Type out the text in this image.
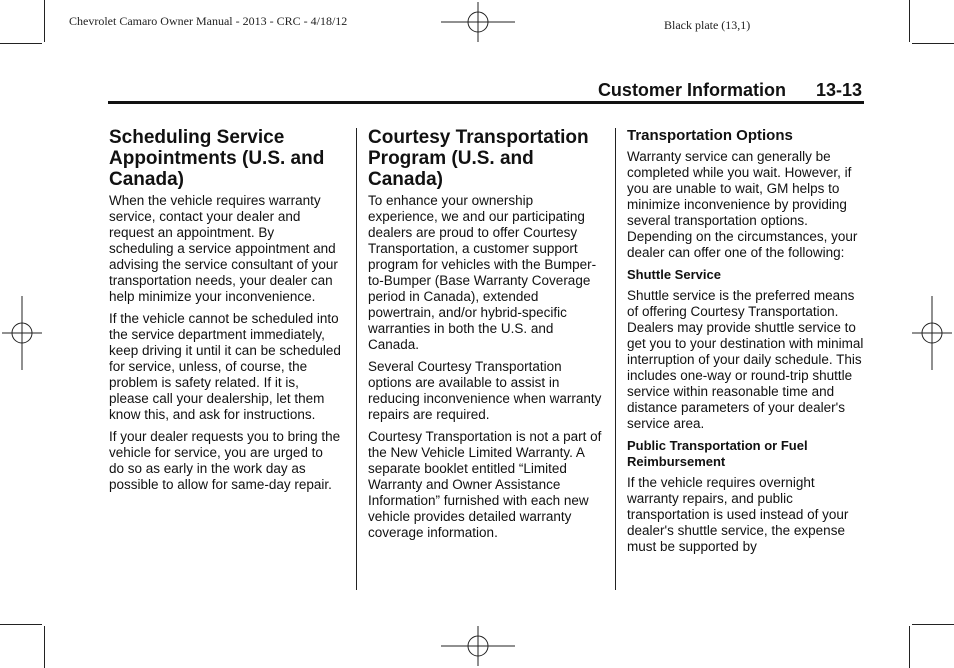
Chevrolet Camaro Owner Manual - 2013 - CRC - 4/18/12	Black plate (13,1)
Customer Information 13-13
Scheduling Service Appointments (U.S. and Canada)

When the vehicle requires warranty service, contact your dealer and request an appointment. By scheduling a service appointment and advising the service consultant of your transportation needs, your dealer can help minimize your inconvenience.

If the vehicle cannot be scheduled into the service department immediately, keep driving it until it can be scheduled for service, unless, of course, the problem is safety related. If it is, please call your dealership, let them know this, and ask for instructions.

If your dealer requests you to bring the vehicle for service, you are urged to do so as early in the work day as possible to allow for same-day repair.

Courtesy Transportation Program (U.S. and Canada)

To enhance your ownership experience, we and our participating dealers are proud to offer Courtesy Transportation, a customer support program for vehicles with the Bumper-to-Bumper (Base Warranty Coverage period in Canada), extended powertrain, and/or hybrid-specific warranties in both the U.S. and Canada.

Several Courtesy Transportation options are available to assist in reducing inconvenience when warranty repairs are required.

Courtesy Transportation is not a part of the New Vehicle Limited Warranty. A separate booklet entitled “Limited Warranty and Owner Assistance Information” furnished with each new vehicle provides detailed warranty coverage information.

Transportation Options

Warranty service can generally be completed while you wait. However, if you are unable to wait, GM helps to minimize inconvenience by providing several transportation options. Depending on the circumstances, your dealer can offer one of the following:

Shuttle Service

Shuttle service is the preferred means of offering Courtesy Transportation. Dealers may provide shuttle service to get you to your destination with minimal interruption of your daily schedule. This includes one-way or round-trip shuttle service within reasonable time and distance parameters of your dealer's service area.

Public Transportation or Fuel Reimbursement

If the vehicle requires overnight warranty repairs, and public transportation is used instead of your dealer's shuttle service, the expense must be supported by
